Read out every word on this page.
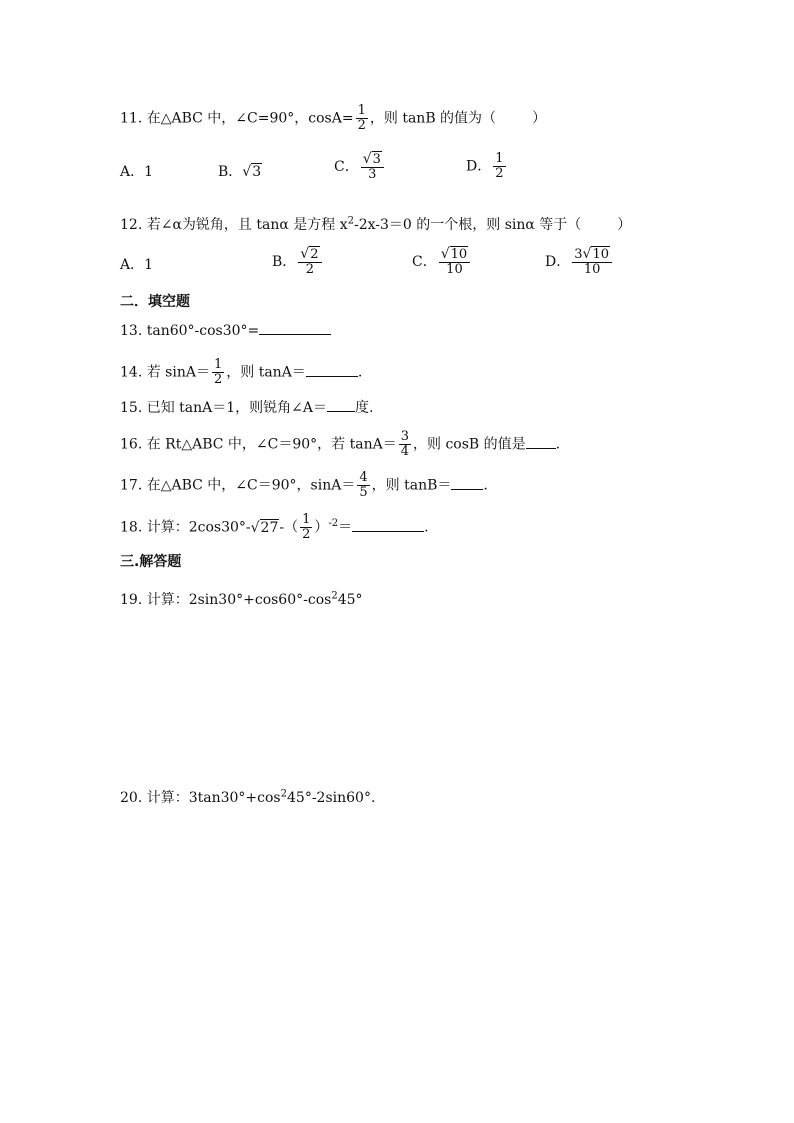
11. 在△ABC 中，∠C=90°，$\cos A= \frac{1}{2}$ ，则 tanB 的值为（	）
A．1	B．√3	C． $\frac{√3}{3}$	D． $\frac{1}{2}$
12. 若∠α为锐角，且 tanα 是方程 $x^2-2x-3=0$ 的一个根，则 sinα 等于（	）
A．1	B． $\frac{√2}{2}$	C． $\frac{√10}{10}$	D． $\frac{3√10}{10}$
二．填空题
13. tan60°-cos30°=
14. 若 $\sin A= \frac{1}{2}$ ，则 tanA＝	.
15. 已知 tanA＝1，则锐角∠A＝ 度.
16. 在 Rt△ABC 中，∠C＝90°，若 $\tan A= \frac{3}{4}$ ，则 cosB 的值是 .
17. 在△ABC 中，∠C＝90°，$\sin A= \frac{4}{5}$ ，则 tanB＝ .
18. 计算：$2\cos 30^\circ-√27-( \frac{1}{2} )^{-2}=$	.
三.解答题
19. 计算：$2\sin 30^\circ+\cos 60^\circ-\cos^245^\circ$
20. 计算：$3\tan 30^\circ+\cos^245^\circ-2\sin 60^\circ$.
